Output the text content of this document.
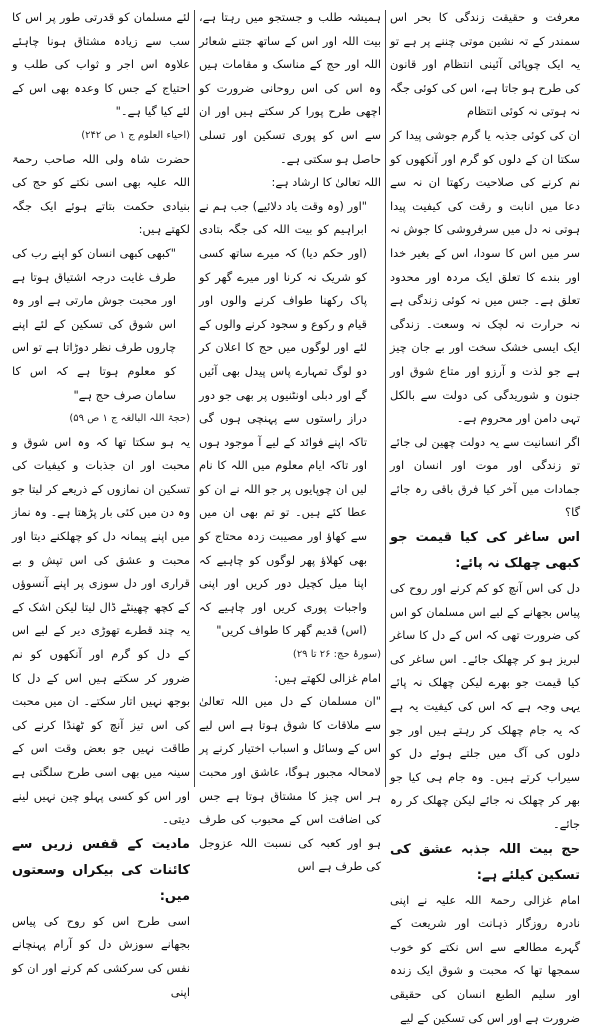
معرفت و حقیقت زندگی کا بحر اس سمندر کے تہ نشین موتی چننے پر ہے تو یہ ایک چوپائی آئینی انتظام اور قانون کی طرح ہو جاتا ہے، اس کی کوئی جگہ نہ ہوتی نہ کوئی انتظام

ان کی کوئی جذبہ یا گرم جوشی پیدا کر سکتا ان کے دلوں کو گرم اور آنکھوں کو نم کرنے کی صلاحیت رکھتا ان نہ سے دعا میں انابت و رقت کی کیفیت پیدا ہوتی نہ دل میں سرفروشی کا جوش نہ سر میں اس کا سودا، اس کے بغیر خدا اور بندے کا تعلق ایک مردہ اور محدود تعلق ہے۔ جس میں نہ کوئی زندگی ہے نہ حرارت نہ لچک نہ وسعت۔ زندگی ایک ایسی خشک سخت اور بے جان چیز ہے جو لذت و آرزو اور متاع شوق اور جنون و شوریدگی کی دولت سے بالکل تہی دامن اور محروم ہے۔

اگر انسانیت سے یہ دولت چھین لی جائے تو زندگی اور موت اور انسان اور جمادات میں آخر کیا فرق باقی رہ جائے گا؟

اس ساغر کی کیا قیمت جو کبھی چھلک نہ پائے:

دل کی اس آنچ کو کم کرنے اور روح کی پیاس بجھانے کے لیے اس مسلمان کو اس کی ضرورت تھی کہ اس کے دل کا ساغر لبریز ہو کر چھلک جائے۔ اس ساغر کی کیا قیمت جو بھرے لیکن چھلک نہ پائے یہی وجہ ہے کہ اس کی کیفیت یہ ہے کہ یہ جام چھلک کر رہتے ہیں اور جو دلوں کی آگ میں جلتے ہوئے دل کو سیراب کرتے ہیں۔ وہ جام ہی کیا جو بھر کر چھلک نہ جائے لیکن چھلک کر رہ جائے۔

حج بیت اللہ جذبہ عشق کی تسکین کیلئے ہے:

امام غزالی رحمۃ اللہ علیہ نے اپنی نادرہ روزگار ذہانت اور شریعت کے گہرے مطالعے سے اس نکتے کو خوب سمجھا تھا کہ محبت و شوق ایک زندہ اور سلیم الطبع انسان کی حقیقی ضرورت ہے اور اس کی تسکین کے لیے

ہمیشہ طلب و جستجو میں رہتا ہے، بیت اللہ اور اس کے ساتھ جتنے شعائر اللہ اور حج کے مناسک و مقامات ہیں وہ اس کی اس روحانی ضرورت کو اچھی طرح پورا کر سکتے ہیں اور ان سے اس کو پوری تسکین اور تسلی حاصل ہو سکتی ہے۔

اللہ تعالیٰ کا ارشاد ہے:

"اور (وہ وقت یاد دلائیے) جب ہم نے ابراہیم کو بیت اللہ کی جگہ بتادی (اور حکم دیا) کہ میرے ساتھ کسی کو شریک نہ کرنا اور میرے گھر کو پاک رکھنا طواف کرنے والوں اور قیام و رکوع و سجود کرنے والوں کے لئے اور لوگوں میں حج کا اعلان کر دو لوگ تمہارے پاس پیدل بھی آئیں گے اور دبلی اونٹنیوں پر بھی جو دور دراز راستوں سے پہنچی ہوں گی تاکہ اپنے فوائد کے لیے آ موجود ہوں اور تاکہ ایام معلوم میں اللہ کا نام لیں ان چوپایوں پر جو اللہ نے ان کو عطا کئے ہیں۔ تو تم بھی ان میں سے کھاؤ اور مصیبت زدہ محتاج کو بھی کھلاؤ پھر لوگوں کو چاہیے کہ اپنا میل کچیل دور کریں اور اپنی واجبات پوری کریں اور چاہیے کہ (اس) قدیم گھر کا طواف کریں"

(سورۂ حج: ۲۶ تا ۲۹)

امام غزالی لکھتے ہیں:

"ان مسلمان کے دل میں اللہ تعالیٰ سے ملاقات کا شوق ہوتا ہے اس لیے اس کے وسائل و اسباب اختیار کرنے پر لامحالہ مجبور ہوگا، عاشق اور محبت ہر اس چیز کا مشتاق ہوتا ہے جس کی اضافت اس کے محبوب کی طرف ہو اور کعبہ کی نسبت اللہ عزوجل کی طرف ہے اس

لئے مسلمان کو قدرتی طور پر اس کا سب سے زیادہ مشتاق ہونا چاہئے علاوہ اس اجر و ثواب کی طلب و احتیاج کے جس کا وعدہ بھی اس کے لئے کیا گیا ہے۔"

(احیاء العلوم ج ۱ ص ۲۴۲)

حضرت شاہ ولی اللہ صاحب رحمۃ اللہ علیہ بھی اسی نکتے کو حج کی بنیادی حکمت بتاتے ہوئے ایک جگہ لکھتے ہیں:

"کبھی کبھی انسان کو اپنے رب کی طرف غایت درجہ اشتیاق ہوتا ہے اور محبت جوش مارتی ہے اور وہ اس شوق کی تسکین کے لئے اپنے چاروں طرف نظر دوڑاتا ہے تو اس کو معلوم ہوتا ہے کہ اس کا سامان صرف حج ہے"

(حجۃ اللہ البالغہ ج ۱ ص ۵۹)

یہ ہو سکتا تھا کہ وہ اس شوق و محبت اور ان جذبات و کیفیات کی تسکین ان نمازوں کے ذریعے کر لیتا جو وہ دن میں کئی بار پڑھتا ہے۔ وہ نماز میں اپنے پیمانہ دل کو چھلکنے دیتا اور محبت و عشق کی اس تپش و بے قراری اور دل سوزی پر اپنے آنسوؤں کے کچھ چھینٹے ڈال لیتا لیکن اشک کے یہ چند قطرے تھوڑی دیر کے لیے اس کے دل کو گرم اور آنکھوں کو نم ضرور کر سکتے ہیں اس کے دل کا بوجھ نہیں اتار سکتے۔ ان میں محبت کی اس تیز آنچ کو ٹھنڈا کرنے کی طاقت نہیں جو بعض وقت اس کے سینہ میں بھی اسی طرح سلگتی ہے اور اس کو کسی پہلو چین نہیں لینے دیتی۔

مادیت کے قفس زریں سے کائنات کی بیکراں وسعتوں میں:

اسی طرح اس کو روح کی پیاس بجھانے سوزش دل کو آرام پہنچانے نفس کی سرکشی کم کرنے اور ان کو اپنی
